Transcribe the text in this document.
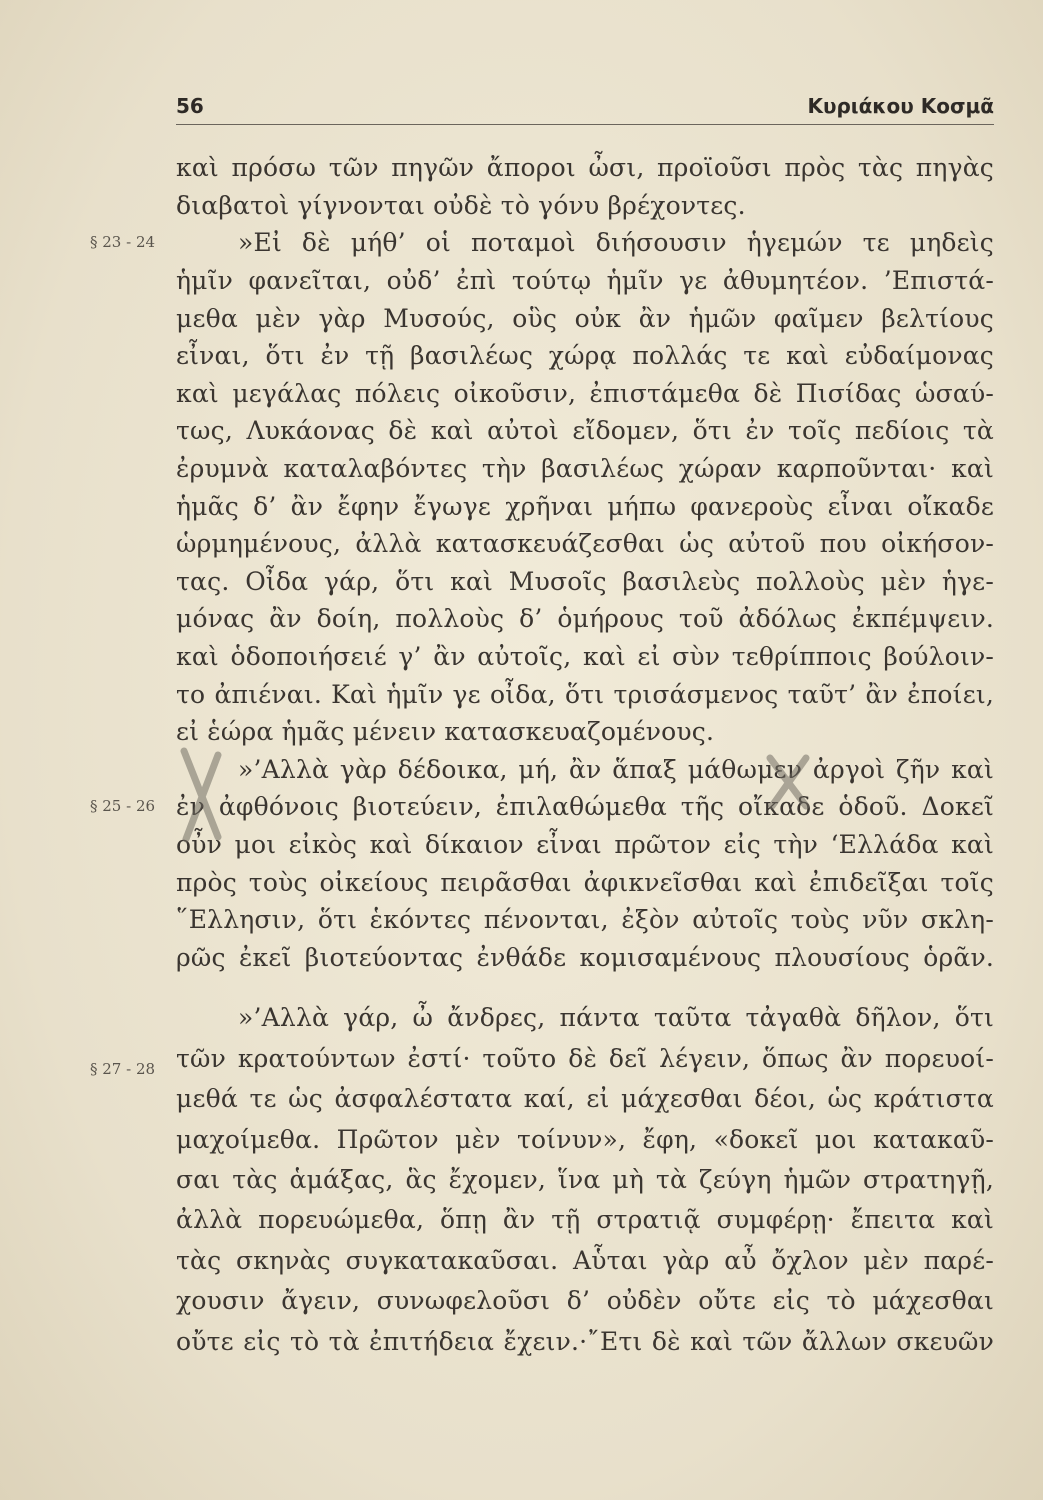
56	Κυριάκου Κοσμᾶ
§ 23 - 24
§ 25 - 26
§ 27 - 28
καὶ πρόσω τῶν πηγῶν ἄποροι ὦσι, προϊοῦσι πρὸς τὰς πηγὰς
διαβατοὶ γίγνονται οὐδὲ τὸ γόνυ βρέχοντες.
»Εἰ δὲ μήθ’ οἱ ποταμοὶ διήσουσιν ἡγεμών τε μηδεὶς
ἡμῖν φανεῖται, οὐδ’ ἐπὶ τούτῳ ἡμῖν γε ἀθυμητέον. ’Επιστά-
μεθα μὲν γὰρ Μυσούς, οὓς οὐκ ἂν ἡμῶν φαῖμεν βελτίους
εἶναι, ὅτι ἐν τῇ βασιλέως χώρᾳ πολλάς τε καὶ εὐδαίμονας
καὶ μεγάλας πόλεις οἰκοῦσιν, ἐπιστάμεθα δὲ Πισίδας ὡσαύ-
τως, Λυκάονας δὲ καὶ αὐτοὶ εἴδομεν, ὅτι ἐν τοῖς πεδίοις τὰ
ἐρυμνὰ καταλαβόντες τὴν βασιλέως χώραν καρποῦνται· καὶ
ἡμᾶς δ’ ἂν ἔφην ἔγωγε χρῆναι μήπω φανεροὺς εἶναι οἴκαδε
ὡρμημένους, ἀλλὰ κατασκευάζεσθαι ὡς αὐτοῦ που οἰκήσον-
τας. Οἶδα γάρ, ὅτι καὶ Μυσοῖς βασιλεὺς πολλοὺς μὲν ἡγε-
μόνας ἂν δοίη, πολλοὺς δ’ ὁμήρους τοῦ ἀδόλως ἐκπέμψειν.
καὶ ὁδοποιήσειέ γ’ ἂν αὐτοῖς, καὶ εἰ σὺν τεθρίπποις βούλοιν-
το ἀπιέναι. Καὶ ἡμῖν γε οἶδα, ὅτι τρισάσμενος ταῦτ’ ἂν ἐποίει,
εἰ ἑώρα ἡμᾶς μένειν κατασκευαζομένους.
»’Αλλὰ γὰρ δέδοικα, μή, ἂν ἅπαξ μάθωμεν ἀργοὶ ζῆν καὶ
ἐν ἀφθόνοις βιοτεύειν, ἐπιλαθώμεθα τῆς οἴκαδε ὁδοῦ. Δοκεῖ
οὖν μοι εἰκὸς καὶ δίκαιον εἶναι πρῶτον εἰς τὴν ‘Ελλάδα καὶ
πρὸς τοὺς οἰκείους πειρᾶσθαι ἀφικνεῖσθαι καὶ ἐπιδεῖξαι τοῖς
῞Ελλησιν, ὅτι ἑκόντες πένονται, ἐξὸν αὐτοῖς τοὺς νῦν σκλη-
ρῶς ἐκεῖ βιοτεύοντας ἐνθάδε κομισαμένους πλουσίους ὁρᾶν.
»’Αλλὰ γάρ, ὦ ἄνδρες, πάντα ταῦτα τἀγαθὰ δῆλον, ὅτι
τῶν κρατούντων ἐστί· τοῦτο δὲ δεῖ λέγειν, ὅπως ἂν πορευοί-
μεθά τε ὡς ἀσφαλέστατα καί, εἰ μάχεσθαι δέοι, ὡς κράτιστα
μαχοίμεθα. Πρῶτον μὲν τοίνυν», ἔφη, «δοκεῖ μοι κατακαῦ-
σαι τὰς ἁμάξας, ἃς ἔχομεν, ἵνα μὴ τὰ ζεύγη ἡμῶν στρατηγῇ,
ἀλλὰ πορευώμεθα, ὅπῃ ἂν τῇ στρατιᾷ συμφέρῃ· ἔπειτα καὶ
τὰς σκηνὰς συγκατακαῦσαι. Αὗται γὰρ αὖ ὄχλον μὲν παρέ-
χουσιν ἄγειν, συνωφελοῦσι δ’ οὐδὲν οὔτε εἰς τὸ μάχεσθαι
οὔτε εἰς τὸ τὰ ἐπιτήδεια ἔχειν.·῎Ετι δὲ καὶ τῶν ἄλλων σκευῶν
